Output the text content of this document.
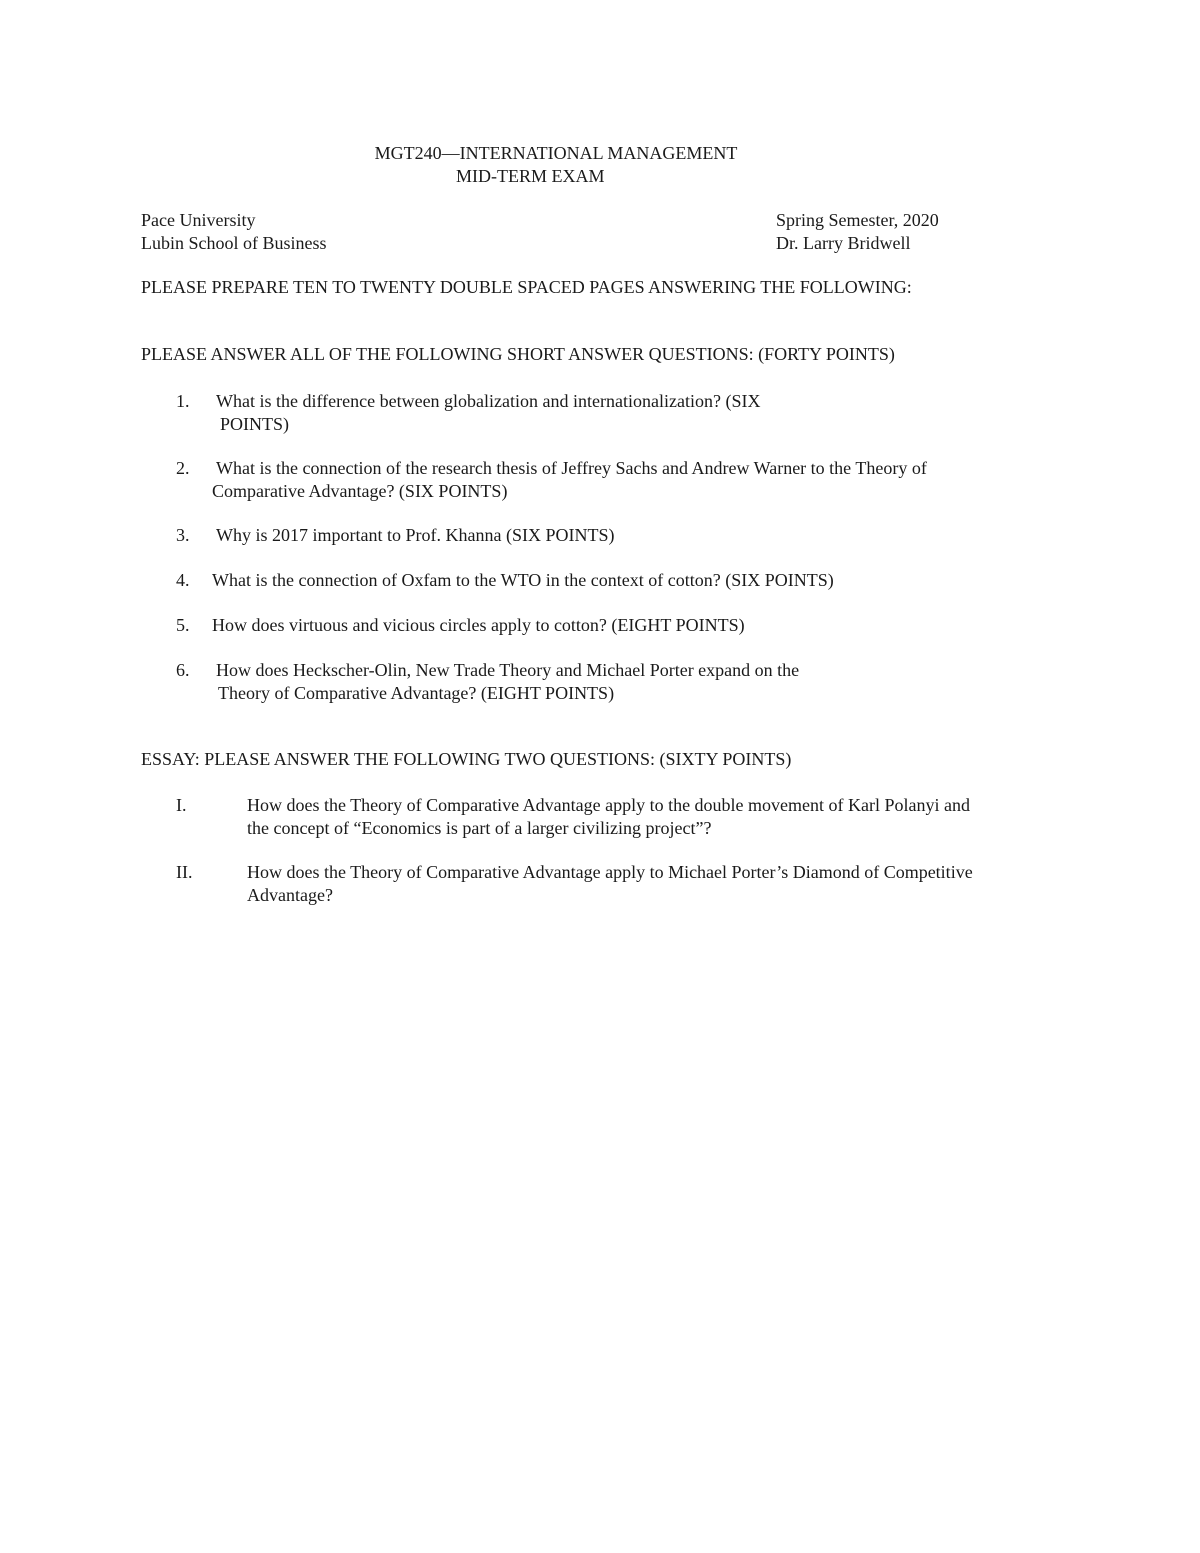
MGT240—INTERNATIONAL MANAGEMENT
MID-TERM EXAM
Pace University
Lubin School of Business
Spring Semester, 2020
Dr. Larry Bridwell
PLEASE PREPARE TEN TO TWENTY DOUBLE SPACED PAGES ANSWERING THE FOLLOWING:
PLEASE ANSWER ALL OF THE FOLLOWING SHORT ANSWER QUESTIONS: (FORTY POINTS)
1. What is the difference between globalization and internationalization? (SIX
POINTS)
2. What is the connection of the research thesis of Jeffrey Sachs and Andrew Warner to the Theory of
Comparative Advantage? (SIX POINTS)
3. Why is 2017 important to Prof. Khanna (SIX POINTS)
4. What is the connection of Oxfam to the WTO in the context of cotton? (SIX POINTS)
5. How does virtuous and vicious circles apply to cotton? (EIGHT POINTS)
6. How does Heckscher-Olin, New Trade Theory and Michael Porter expand on the
Theory of Comparative Advantage? (EIGHT POINTS)
ESSAY: PLEASE ANSWER THE FOLLOWING TWO QUESTIONS: (SIXTY POINTS)
I.	How does the Theory of Comparative Advantage apply to the double movement of Karl Polanyi and
the concept of “Economics is part of a larger civilizing project”?
II.	How does the Theory of Comparative Advantage apply to Michael Porter’s Diamond of Competitive
Advantage?
